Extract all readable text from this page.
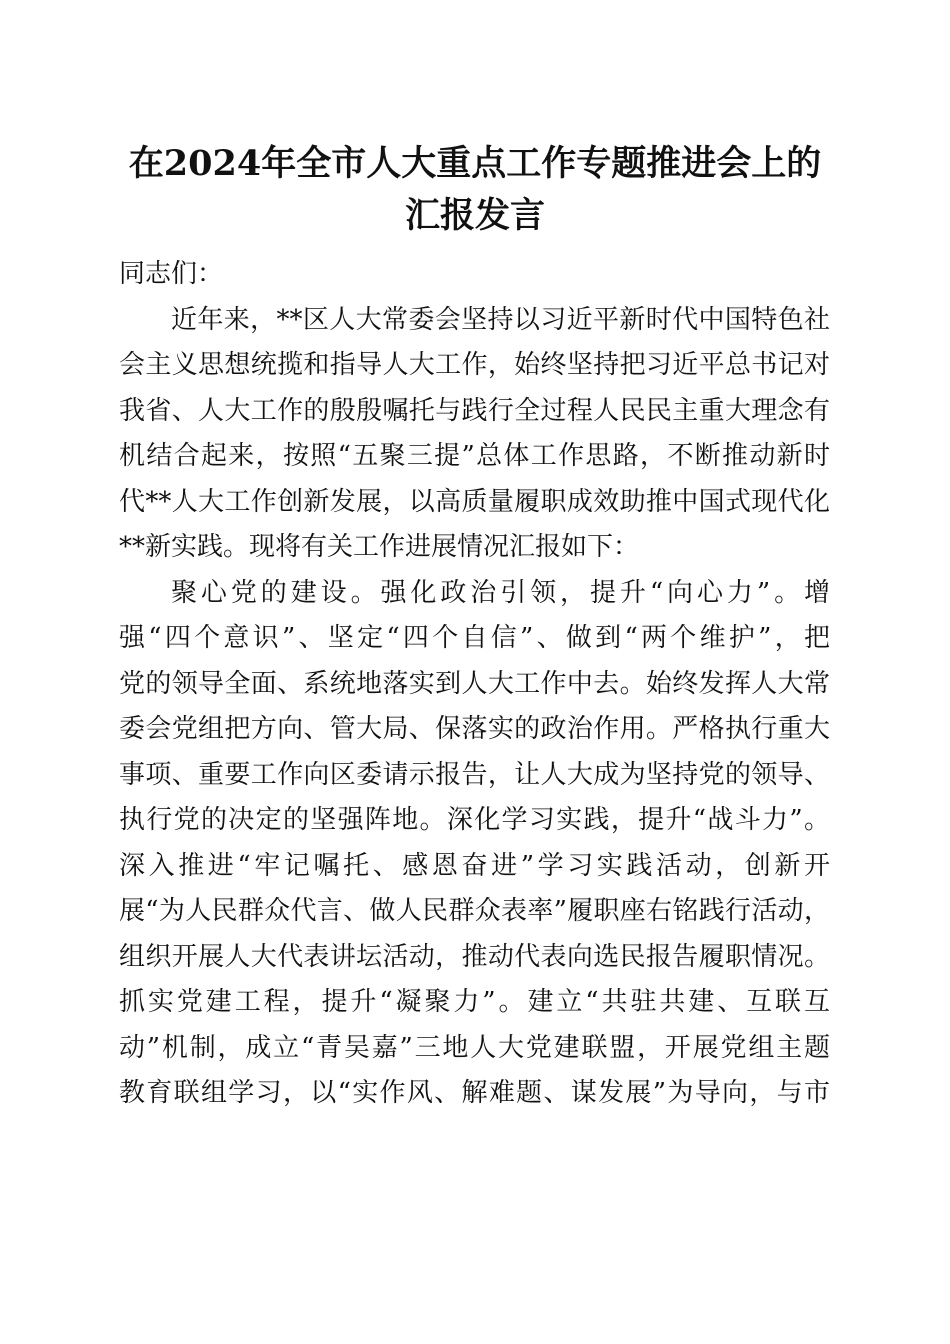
在2024年全市人大重点工作专题推进会上的
汇报发言
同志们：
近年来，**区人大常委会坚持以习近平新时代中国特色社
会主义思想统揽和指导人大工作，始终坚持把习近平总书记对
我省、人大工作的殷殷嘱托与践行全过程人民民主重大理念有
机结合起来，按照“五聚三提”总体工作思路，不断推动新时
代**人大工作创新发展，以高质量履职成效助推中国式现代化
**新实践。现将有关工作进展情况汇报如下：
聚心党的建设。强化政治引领，提升“向心力”。增
强“四个意识”、坚定“四个自信”、做到“两个维护”，把
党的领导全面、系统地落实到人大工作中去。始终发挥人大常
委会党组把方向、管大局、保落实的政治作用。严格执行重大
事项、重要工作向区委请示报告，让人大成为坚持党的领导、
执行党的决定的坚强阵地。深化学习实践，提升“战斗力”。
深入推进“牢记嘱托、感恩奋进”学习实践活动，创新开
展“为人民群众代言、做人民群众表率”履职座右铭践行活动，
组织开展人大代表讲坛活动，推动代表向选民报告履职情况。
抓实党建工程，提升“凝聚力”。建立“共驻共建、互联互
动”机制，成立“青吴嘉”三地人大党建联盟，开展党组主题
教育联组学习，以“实作风、解难题、谋发展”为导向，与市
